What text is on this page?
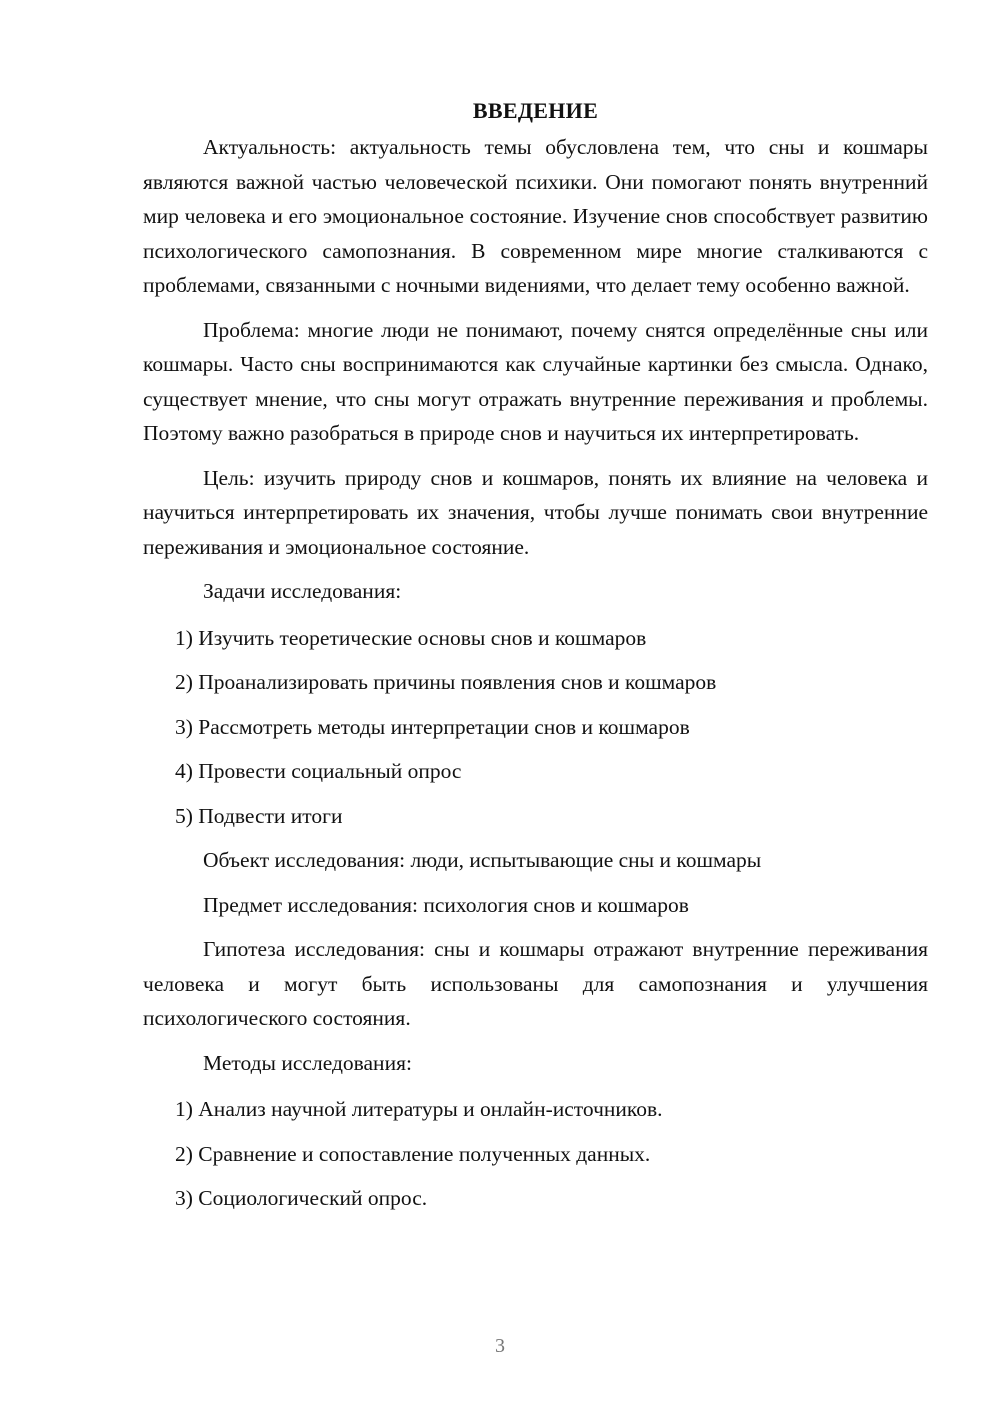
ВВЕДЕНИЕ

Актуальность: актуальность темы обусловлена тем, что сны и кошмары являются важной частью человеческой психики. Они помогают понять внутренний мир человека и его эмоциональное состояние. Изучение снов способствует развитию психологического самопознания. В современном мире многие сталкиваются с проблемами, связанными с ночными видениями, что делает тему особенно важной.

Проблема: многие люди не понимают, почему снятся определённые сны или кошмары. Часто сны воспринимаются как случайные картинки без смысла. Однако, существует мнение, что сны могут отражать внутренние переживания и проблемы. Поэтому важно разобраться в природе снов и научиться их интерпретировать.

Цель: изучить природу снов и кошмаров, понять их влияние на человека и научиться интерпретировать их значения, чтобы лучше понимать свои внутренние переживания и эмоциональное состояние.

Задачи исследования:

1) Изучить теоретические основы снов и кошмаров

2) Проанализировать причины появления снов и кошмаров

3) Рассмотреть методы интерпретации снов и кошмаров

4) Провести социальный опрос

5) Подвести итоги

Объект исследования: люди, испытывающие сны и кошмары

Предмет исследования: психология снов и кошмаров

Гипотеза исследования: сны и кошмары отражают внутренние переживания человека и могут быть использованы для самопознания и улучшения психологического состояния.

Методы исследования:

1) Анализ научной литературы и онлайн-источников.

2) Сравнение и сопоставление полученных данных.

3) Социологический опрос.

3
